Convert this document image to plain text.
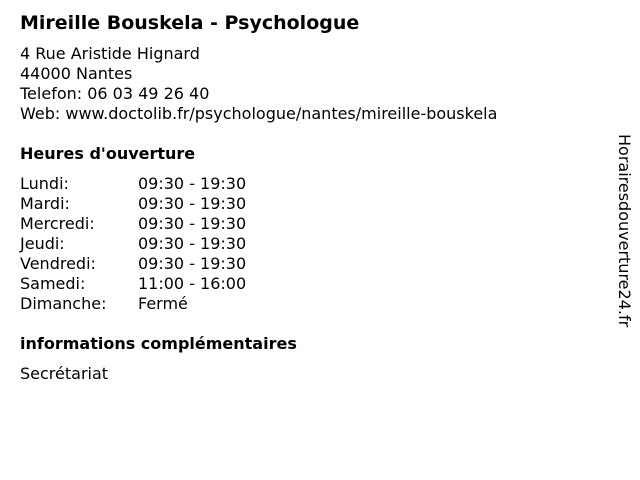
Mireille Bouskela - Psychologue
4 Rue Aristide Hignard
44000 Nantes
Telefon: 06 03 49 26 40
Web: www.doctolib.fr/psychologue/nantes/mireille-bouskela
Heures d'ouverture
Lundi:	09:30 - 19:30
Mardi:	09:30 - 19:30
Mercredi:	09:30 - 19:30
Jeudi:	09:30 - 19:30
Vendredi:	09:30 - 19:30
Samedi:	11:00 - 16:00
Dimanche:	Fermé
informations complémentaires
Secrétariat
Horairesdouverture24.fr
